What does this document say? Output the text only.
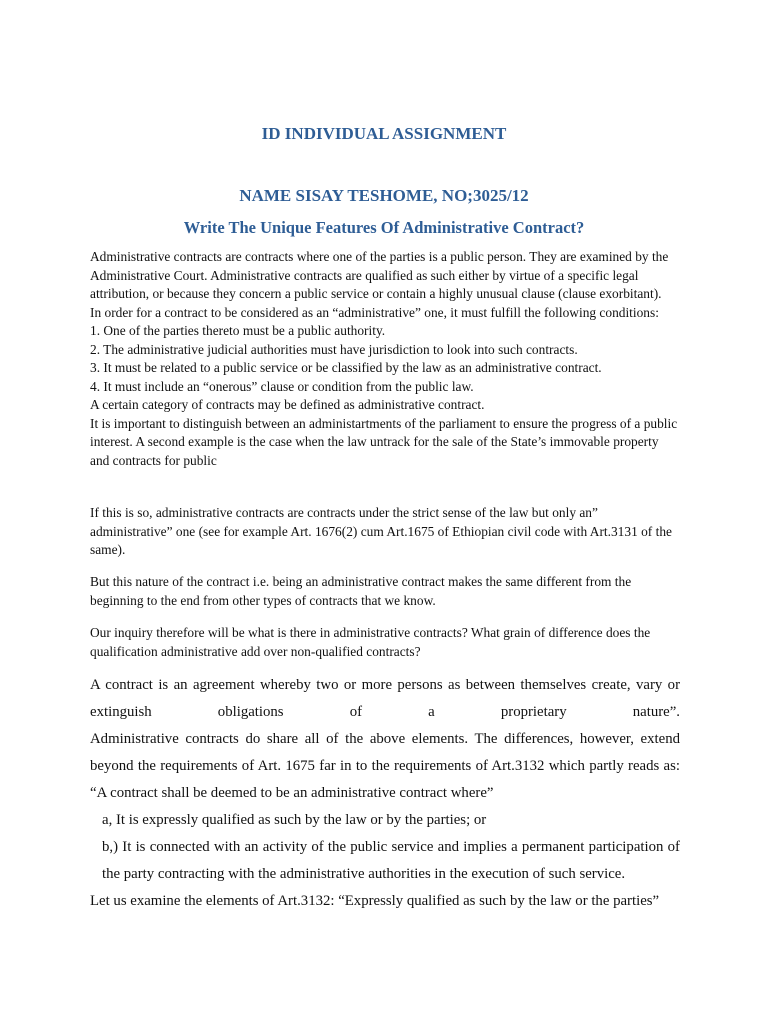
ID INDIVIDUAL ASSIGNMENT
NAME SISAY TESHOME, NO;3025/12
Write The Unique Features Of Administrative Contract?

Administrative contracts are contracts where one of the parties is a public person. They are examined by the Administrative Court. Administrative contracts are qualified as such either by virtue of a specific legal attribution, or because they concern a public service or contain a highly unusual clause (clause exorbitant).

In order for a contract to be considered as an “administrative” one, it must fulfill the following conditions:

1. One of the parties thereto must be a public authority.

2. The administrative judicial authorities must have jurisdiction to look into such contracts.

3. It must be related to a public service or be classified by the law as an administrative contract.

4. It must include an “onerous” clause or condition from the public law.

A certain category of contracts may be defined as administrative contract.

It is important to distinguish between an administartments of the parliament to ensure the progress of a public interest. A second example is the case when the law untrack for the sale of the State’s immovable property and contracts for public

If this is so, administrative contracts are contracts under the strict sense of the law but only an” administrative” one (see for example Art. 1676(2) cum Art.1675 of Ethiopian civil code with Art.3131 of the same).

But this nature of the contract i.e. being an administrative contract makes the same different from the beginning to the end from other types of contracts that we know.

Our inquiry therefore will be what is there in administrative contracts? What grain of difference does the qualification administrative add over non-qualified contracts?

A contract is an agreement whereby two or more persons as between themselves create, vary or extinguish obligations of a proprietary nature”.

Administrative contracts do share all of the above elements. The differences, however, extend beyond the requirements of Art. 1675 far in to the requirements of Art.3132 which partly reads as: “A contract shall be deemed to be an administrative contract where”

a, It is expressly qualified as such by the law or by the parties; or

b,) It is connected with an activity of the public service and implies a permanent participation of the party contracting with the administrative authorities in the execution of such service.

Let us examine the elements of Art.3132: “Expressly qualified as such by the law or the parties”
